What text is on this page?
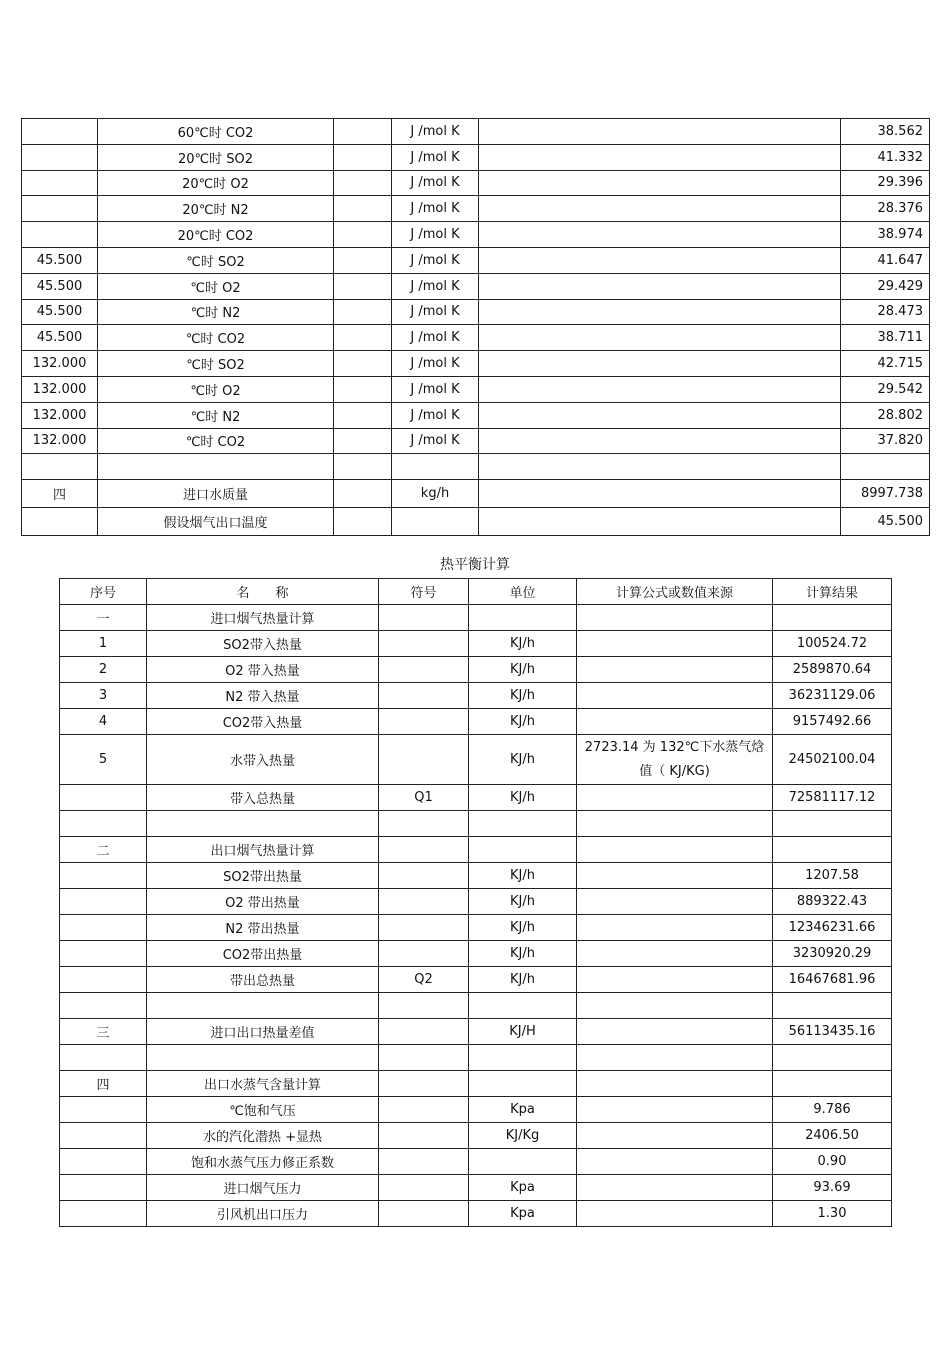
	60℃时 CO2		J /mol K		38.562
	20℃时 SO2		J /mol K		41.332
	20℃时 O2		J /mol K		29.396
	20℃时 N2		J /mol K		28.376
	20℃时 CO2		J /mol K		38.974
45.500	℃时 SO2		J /mol K		41.647
45.500	℃时 O2		J /mol K		29.429
45.500	℃时 N2		J /mol K		28.473
45.500	℃时 CO2		J /mol K		38.711
132.000	℃时 SO2		J /mol K		42.715
132.000	℃时 O2		J /mol K		29.542
132.000	℃时 N2		J /mol K		28.802
132.000	℃时 CO2		J /mol K		37.820

四	进口水质量		kg/h		8997.738
	假设烟气出口温度				45.500
热平衡计算
序号	名　　称	符号	单位	计算公式或数值来源	计算结果
一	进口烟气热量计算				
1	SO2带入热量		KJ/h		100524.72
2	O2 带入热量		KJ/h		2589870.64
3	N2 带入热量		KJ/h		36231129.06
4	CO2带入热量		KJ/h		9157492.66
5	水带入热量		KJ/h	2723.14 为 132℃下水蒸气焓值（ KJ/KG)	24502100.04
	带入总热量	Q1	KJ/h		72581117.12

二	出口烟气热量计算				
	SO2带出热量		KJ/h		1207.58
	O2 带出热量		KJ/h		889322.43
	N2 带出热量		KJ/h		12346231.66
	CO2带出热量		KJ/h		3230920.29
	带出总热量	Q2	KJ/h		16467681.96

三	进口出口热量差值		KJ/H		56113435.16

四	出口水蒸气含量计算				
	℃饱和气压		Kpa		9.786
	水的汽化潜热 +显热		KJ/Kg		2406.50
	饱和水蒸气压力修正系数				0.90
	进口烟气压力		Kpa		93.69
	引风机出口压力		Kpa		1.30
